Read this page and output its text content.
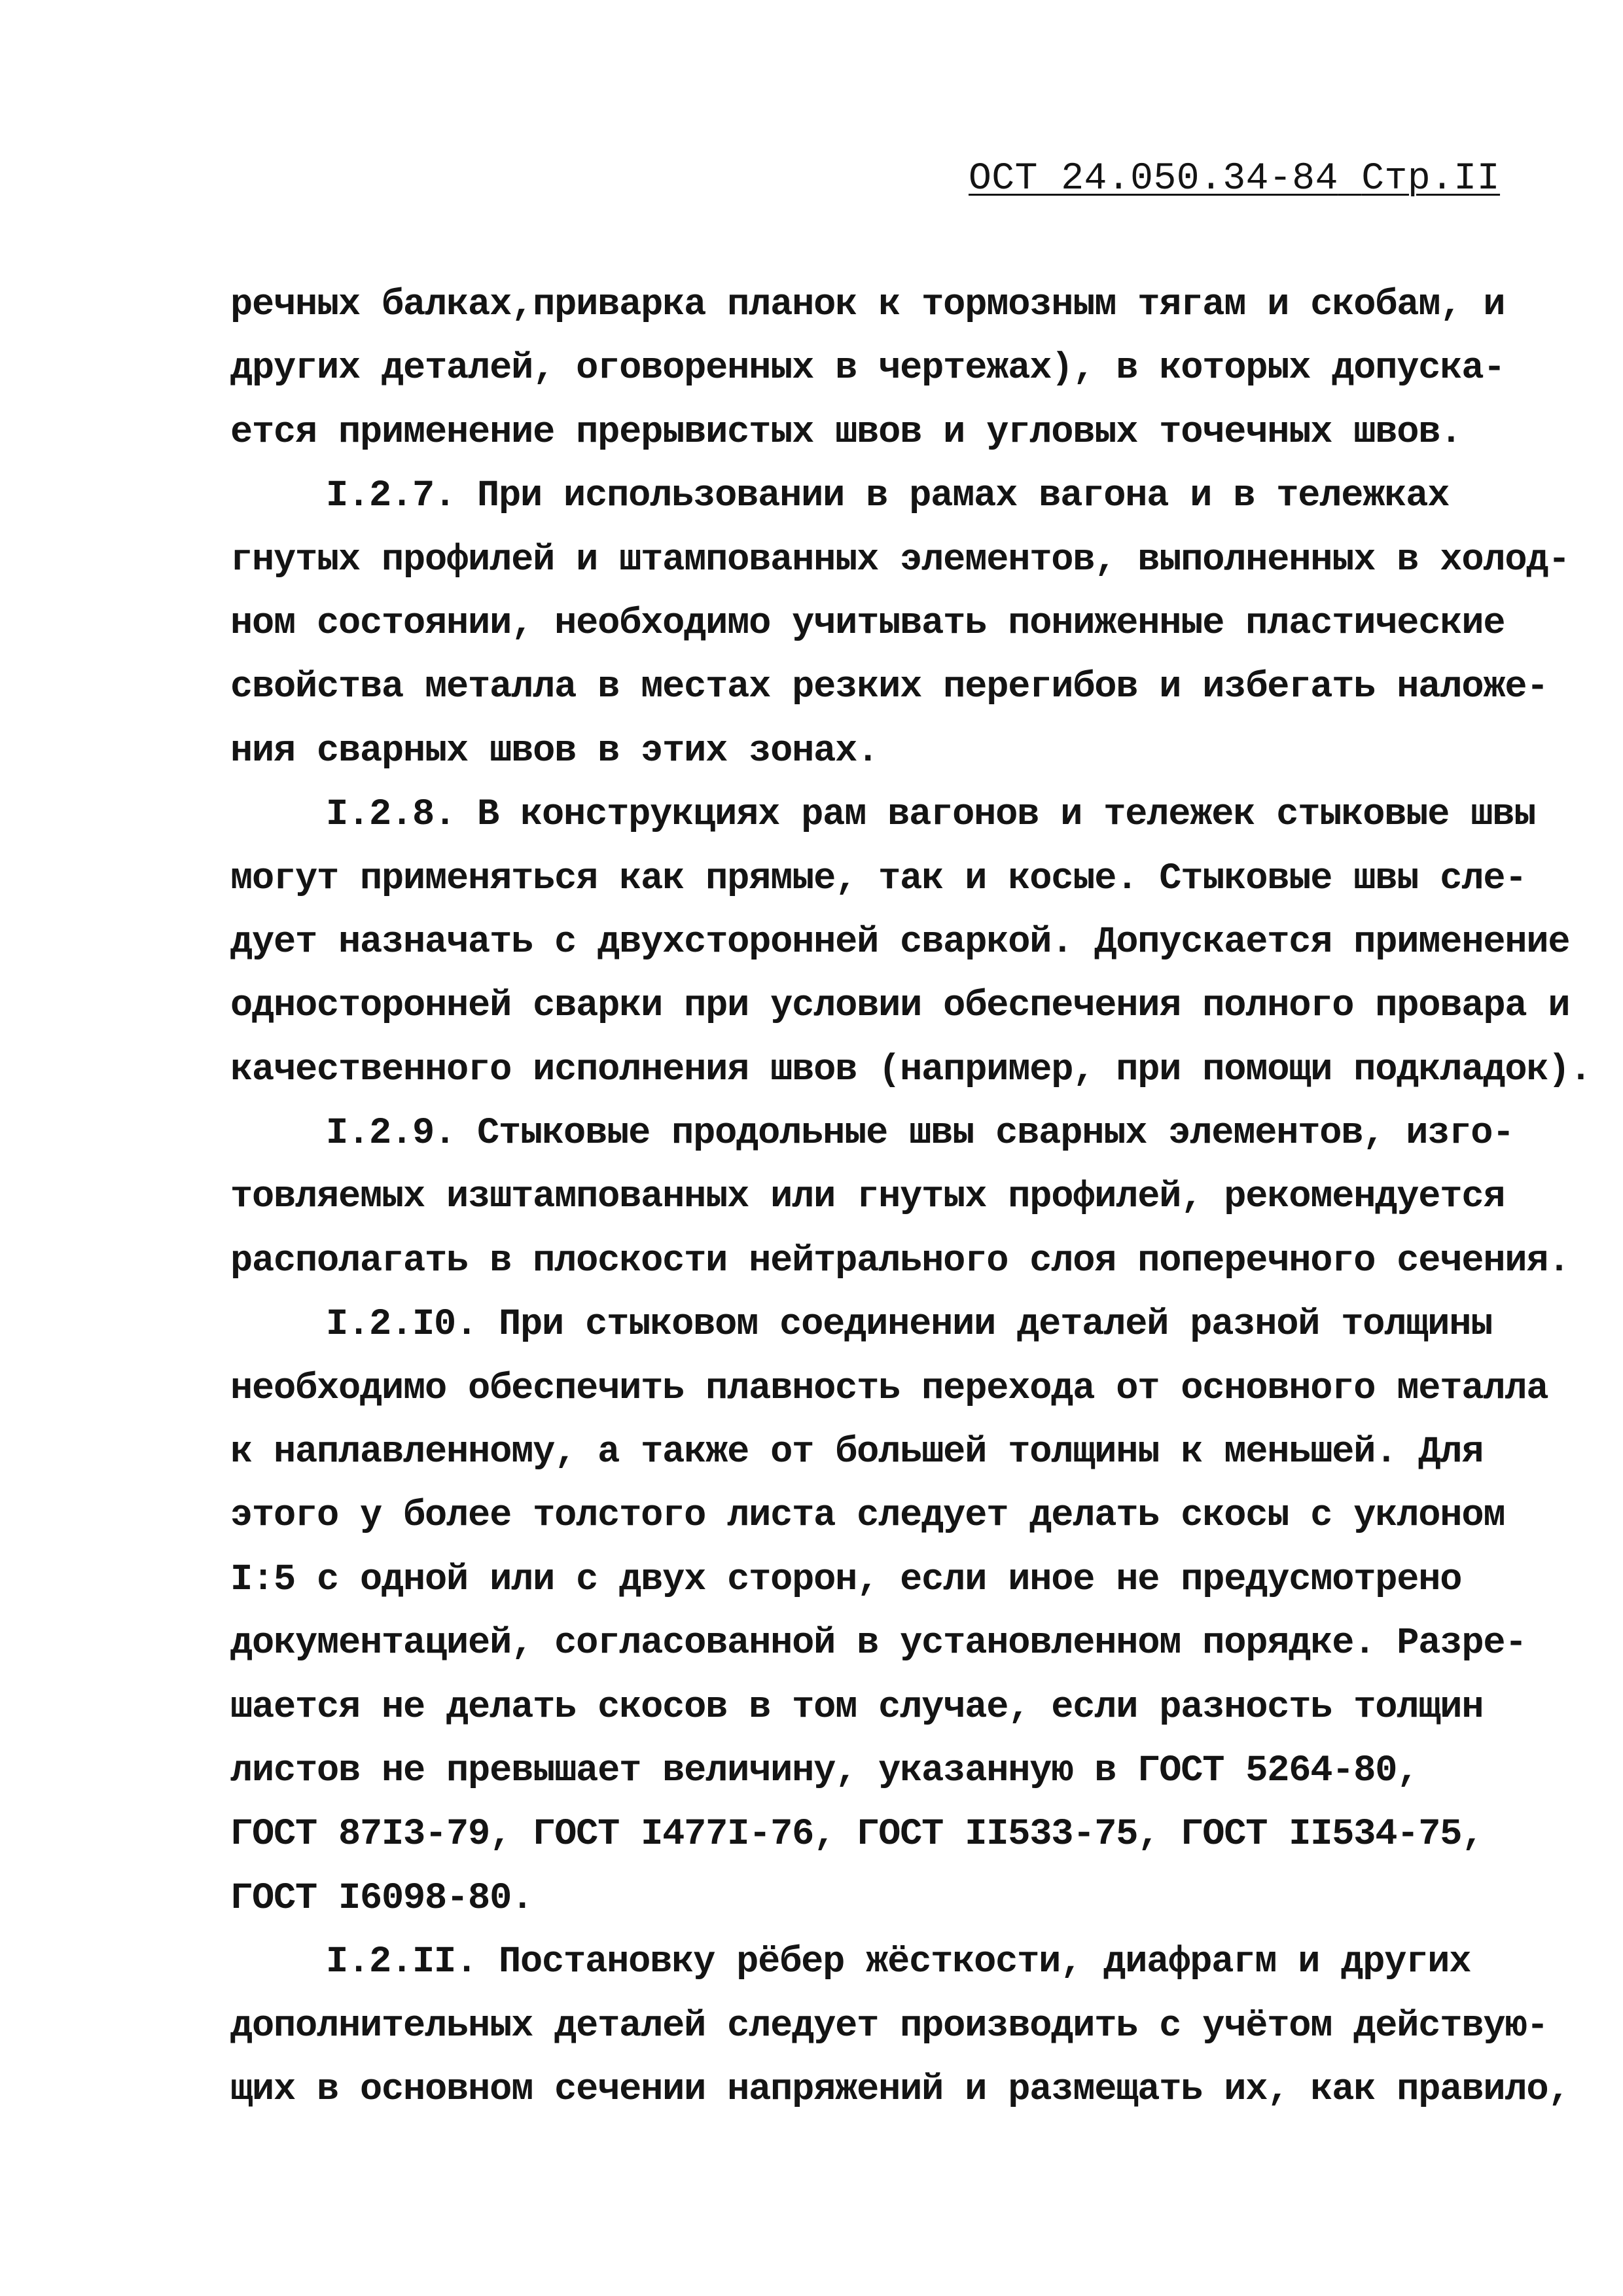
ОСТ 24.050.34-84 Стр.II
речных балках,приварка планок к тормозным тягам и скобам, и
других деталей, оговоренных в чертежах), в которых допуска-
ется применение прерывистых швов и угловых точечных швов.
I.2.7. При использовании в рамах вагона и в тележках
гнутых профилей и штампованных элементов, выполненных в холод-
ном состоянии, необходимо учитывать пониженные пластические
свойства металла в местах резких перегибов и избегать наложе-
ния сварных швов в этих зонах.
I.2.8. В конструкциях рам вагонов и тележек стыковые швы
могут применяться как прямые, так и косые. Стыковые швы сле-
дует назначать с двухсторонней сваркой. Допускается применение
односторонней сварки при условии обеспечения полного провара и
качественного исполнения швов (например, при помощи подкладок).
I.2.9. Стыковые продольные швы сварных элементов, изго-
товляемых изштампованных или гнутых профилей, рекомендуется
располагать в плоскости нейтрального слоя поперечного сечения.
I.2.I0. При стыковом соединении деталей разной толщины
необходимо обеспечить плавность перехода от основного металла
к наплавленному, а также от большей толщины к меньшей. Для
этого у более толстого листа следует делать скосы с уклоном
I:5 с одной или с двух сторон, если иное не предусмотрено
документацией, согласованной в установленном порядке. Разре-
шается не делать скосов в том случае, если разность толщин
листов не превышает величину, указанную в ГОСТ 5264-80,
ГОСТ 87I3-79, ГОСТ I477I-76, ГОСТ II533-75, ГОСТ II534-75,
ГОСТ I6098-80.
I.2.II. Постановку рёбер жёсткости, диафрагм и других
дополнительных деталей следует производить с учётом действую-
щих в основном сечении напряжений и размещать их, как правило,
